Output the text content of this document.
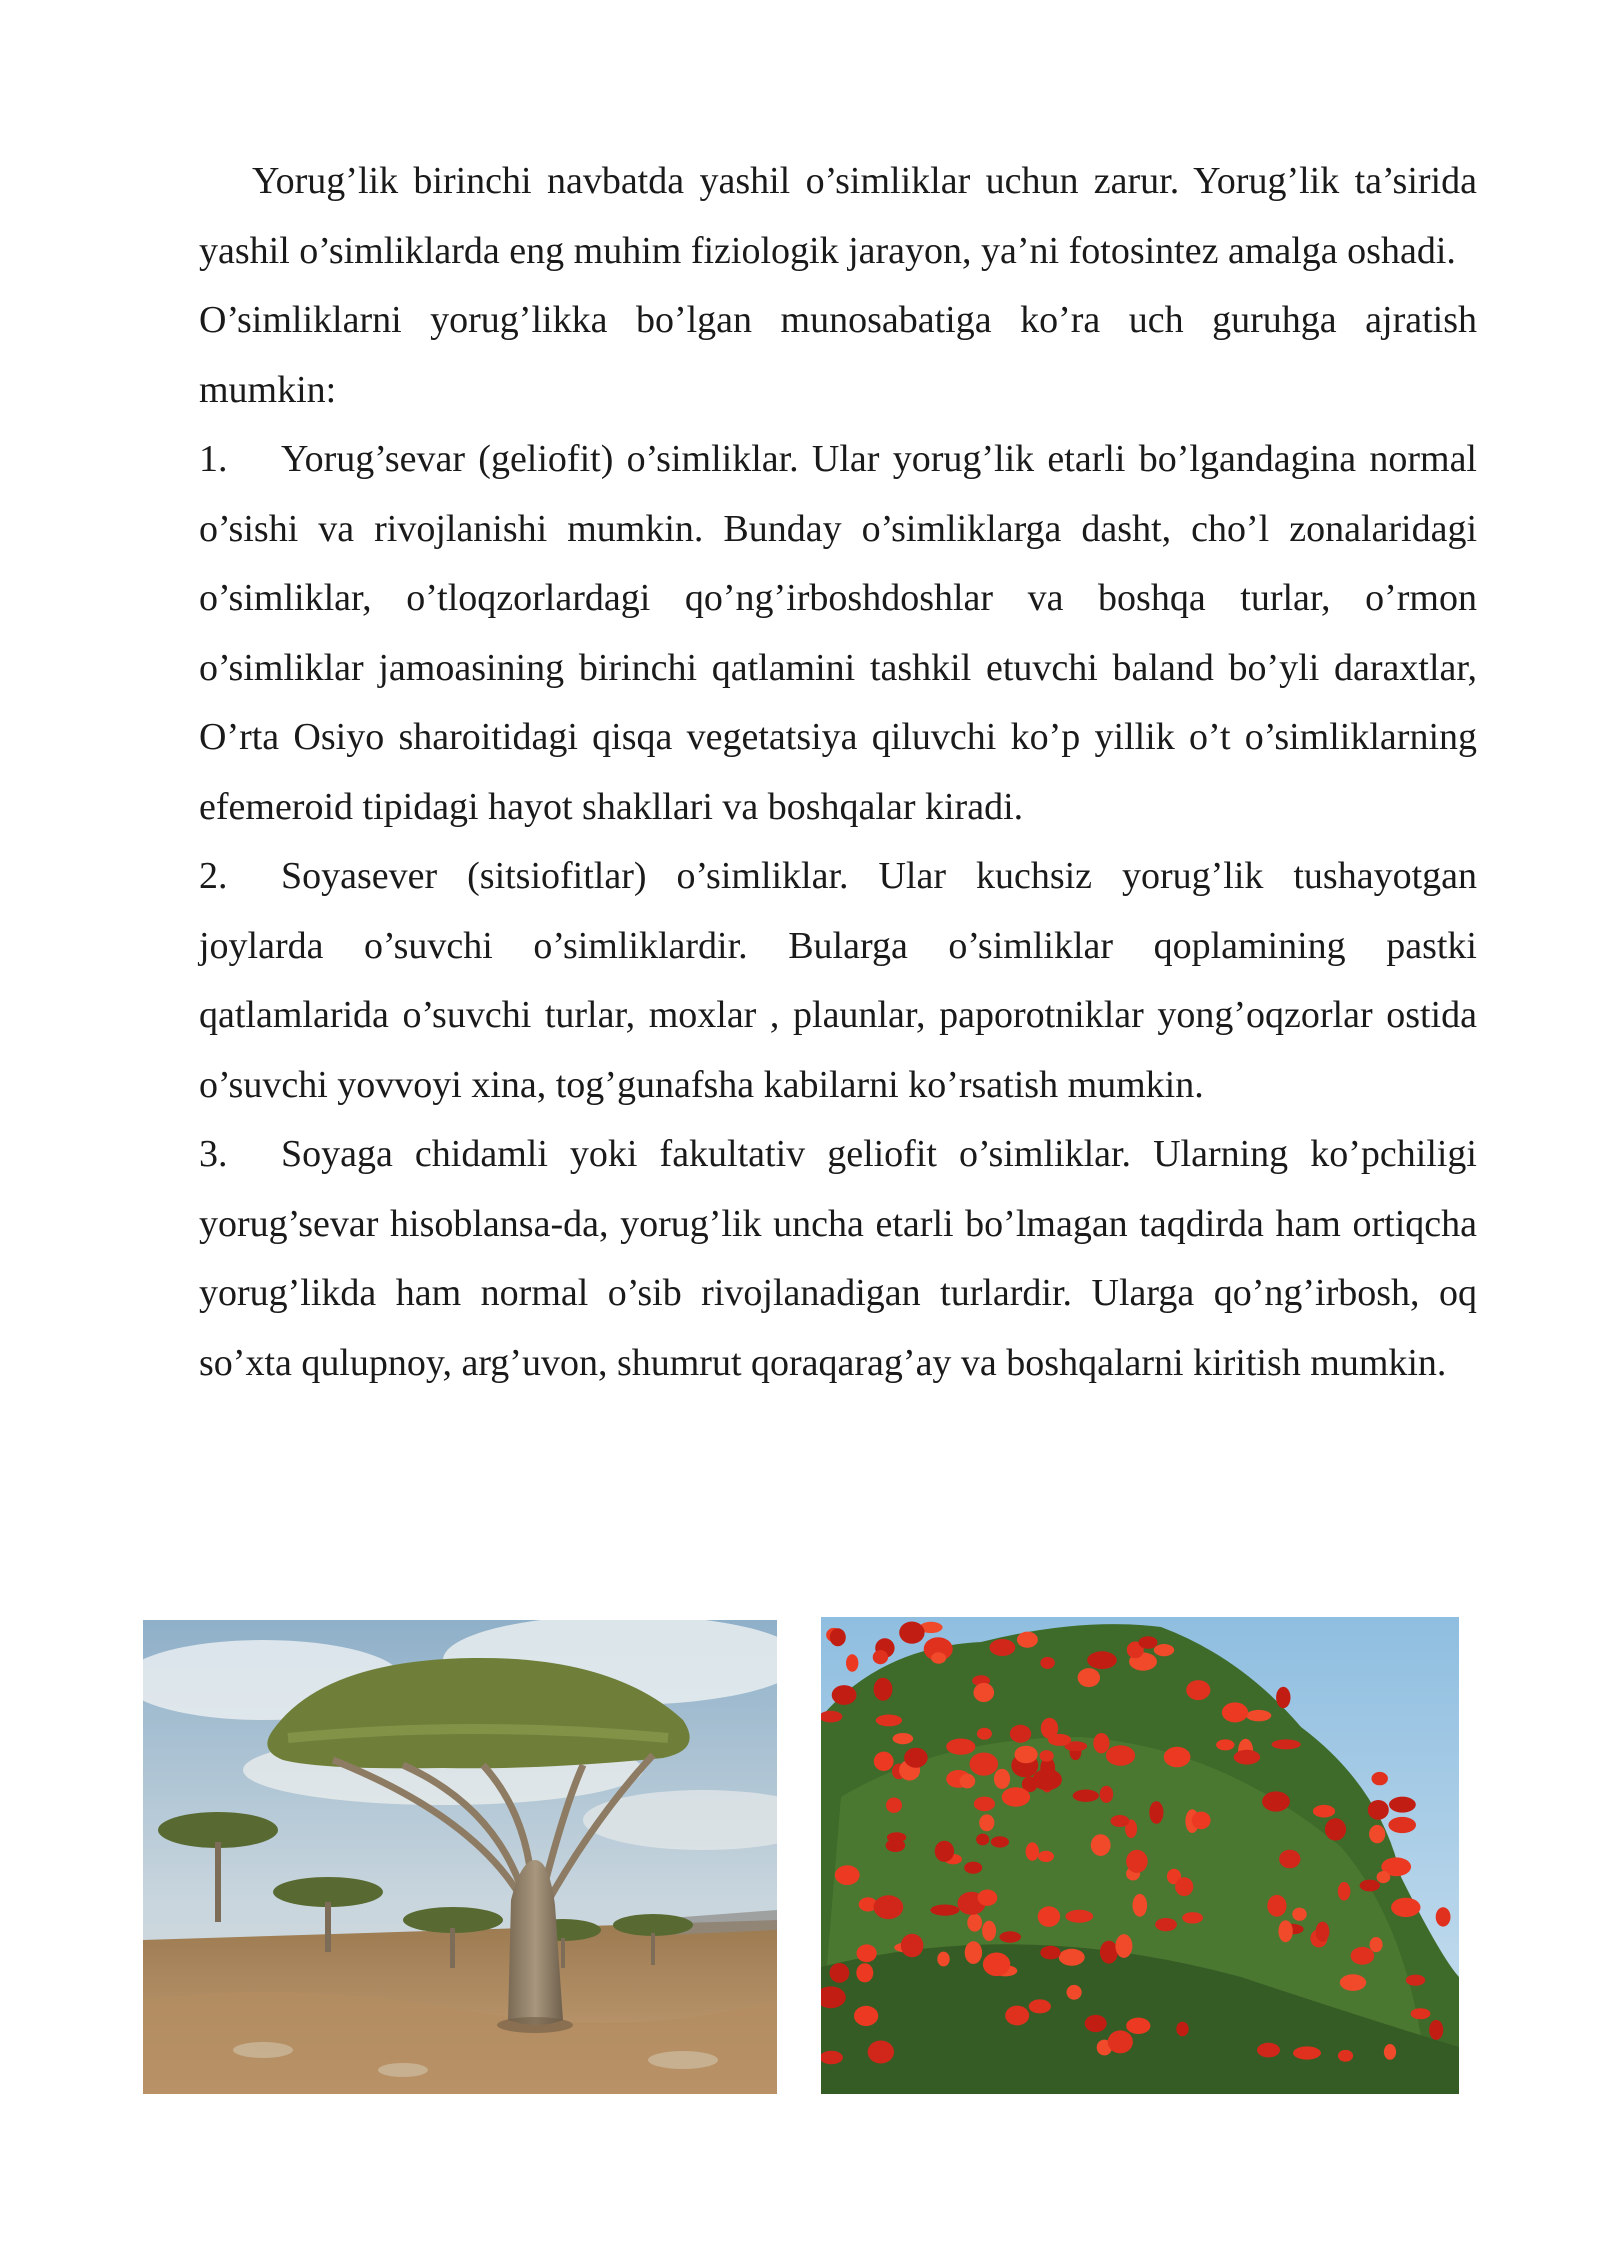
Yorug’lik birinchi navbatda yashil o’simliklar uchun zarur. Yorug’lik ta’sirida yashil o’simliklarda eng muhim fiziologik jarayon, ya’ni fotosintez amalga oshadi.

O’simliklarni yorug’likka bo’lgan munosabatiga ko’ra uch guruhga ajratish mumkin:

1. Yorug’sevar (geliofit) o’simliklar. Ular yorug’lik etarli bo’lgandagina normal o’sishi va rivojlanishi mumkin. Bunday o’simliklarga dasht, cho’l zonalaridagi o’simliklar, o’tloqzorlardagi qo’ng’irboshdoshlar va boshqa turlar, o’rmon o’simliklar jamoasining birinchi qatlamini tashkil etuvchi baland bo’yli daraxtlar, O’rta Osiyo sharoitidagi qisqa vegetatsiya qiluvchi ko’p yillik o’t o’simliklarning efemeroid tipidagi hayot shakllari va boshqalar kiradi.

2. Soyasever (sitsiofitlar) o’simliklar. Ular kuchsiz yorug’lik tushayotgan joylarda o’suvchi o’simliklardir. Bularga o’simliklar qoplamining pastki qatlamlarida o’suvchi turlar, moxlar , plaunlar, paporotniklar yong’oqzorlar ostida o’suvchi yovvoyi xina, tog’gunafsha kabilarni ko’rsatish mumkin.

3. Soyaga chidamli yoki fakultativ geliofit o’simliklar. Ularning ko’pchiligi yorug’sevar hisoblansa-da, yorug’lik uncha etarli bo’lmagan taqdirda ham ortiqcha yorug’likda ham normal o’sib rivojlanadigan turlardir. Ularga qo’ng’irbosh, oq so’xta qulupnoy, arg’uvon, shumrut qoraqarag’ay va boshqalarni kiritish mumkin.
